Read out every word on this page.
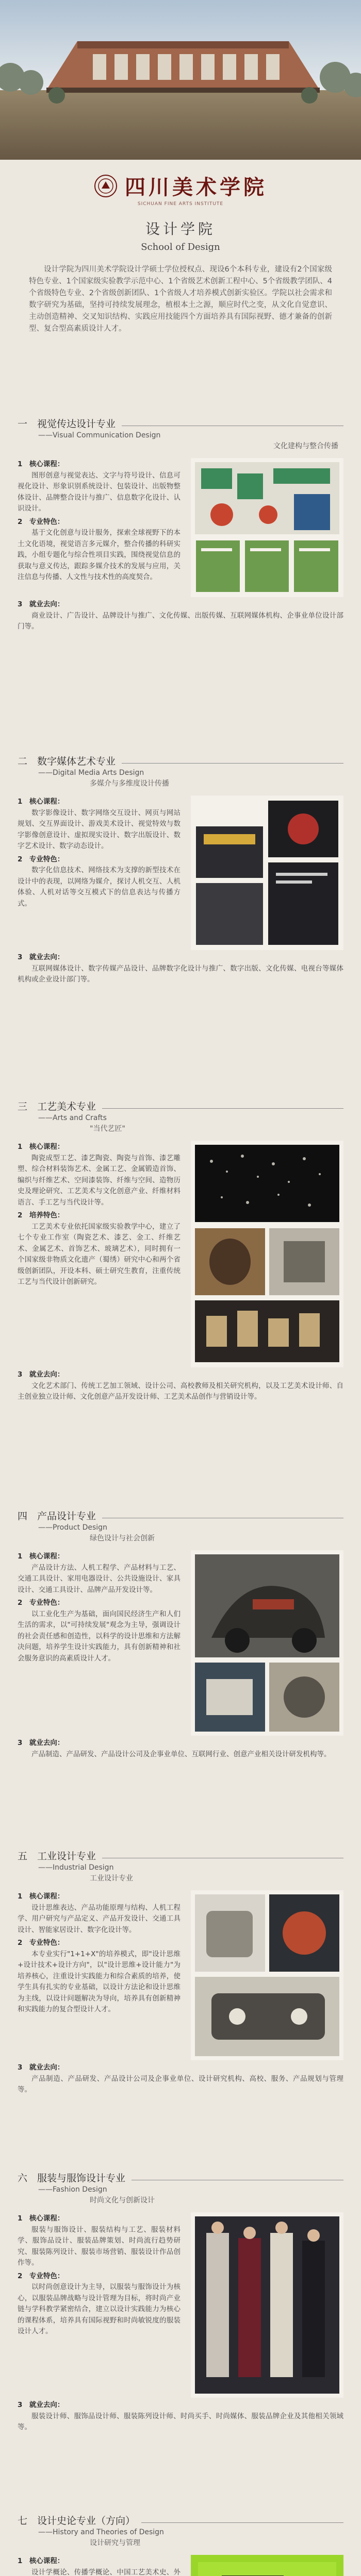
四川美术学院
SICHUAN FINE ARTS INSTITUTE
设计学院
School of Design

设计学院为四川美术学院设计学硕士学位授权点、现设6个本科专业，建设有2个国家级特色专业、1个国家级实验教学示范中心、1个省级艺术创新工程中心、5个省级教学团队、4个省级特色专业、2个省级创新团队、1个省级人才培养模式创新实验区。学院以社会需求和数字研究为基础，坚持可持续发展理念，植根本土之源，顺应时代之变，从文化自觉意识、主动创造精神、交叉知识结构、实践应用技能四个方面培养具有国际视野、德才兼备的创新型、复合型高素质设计人才。

一　视觉传达设计专业
——Visual Communication Design
文化建构与整合传播

1　核心课程：

图形创意与视觉表达、文字与符号设计、信息可视化设计、形象识别系统设计、包装设计、出版物整体设计、品牌整合设计与推广、信息数字化设计、认识设计。

2　专业特色：

基于文化创意与设计服务，探索全球视野下的本土文化语境，视觉语言多元媒介，整合传播的科研实践，小组专题化与综合性项目实践，围绕视觉信息的获取与意义传达，跟踪多媒介技术的发展与应用，关注信息与传播、人文性与技术性的高度契合。

3　就业去向：

商业设计、广告设计、品牌设计与推广、文化传媒、出版传媒、互联网媒体机构、企事业单位设计部门等。

二　数字媒体艺术专业
——Digital Media Arts Design
多媒介与多维度设计传播

1　核心课程：

数字影像设计、数字网络交互设计、网页与网站规划、交互界面设计、游戏美术设计、视觉特效与数字影像创意设计、虚拟现实设计、数字出版设计、数字艺术设计、数字动态设计。

2　专业特色：

数字化信息技术、网络技术为支撑的新型技术在设计中的表现，以网络为媒介，探讨人机交互、人机体验、人机对话等交互模式下的信息表达与传播方式。

3　就业去向：

互联网媒体设计、数字传媒产品设计、品牌数字化设计与推广、数字出版、文化传媒、电视台等媒体机构或企业设计部门等。

三　工艺美术专业
——Arts and Crafts
"当代艺匠"

1　核心课程：

陶瓷成型工艺、漆艺陶瓷、陶瓷与首饰、漆艺雕塑、综合材料装饰艺术、金属工艺、金属锻造首饰、编织与纤维艺术、空间漆装饰、纤维与空间、造物历史及理论研究、工艺美术与文化创意产业、纤维材料语言、手工艺与当代设计等。

2　培养特色：

工艺美术专业依托国家级实验教学中心，建立了七个专业工作室（陶瓷艺术、漆艺、金工、纤维艺术、金属艺术、首饰艺术、玻璃艺术），同时拥有一个国家级非物质文化遗产（蜀绣）研究中心和两个省级创新团队，开设本科、硕士研究生教育，注重传统工艺与当代设计创新研究。

3　就业去向：

文化艺术部门、传统工艺加工领域、设计公司、高校教师及相关研究机构，以及工艺美术设计师、自主创业独立设计师、文化创意产品开发设计师、工艺美术品创作与营销设计等。

四　产品设计专业
——Product Design
绿色设计与社会创新

1　核心课程：

产品设计方法、人机工程学、产品材料与工艺、交通工具设计、家用电器设计、公共设施设计、家具设计、交通工具设计、品牌产品开发设计等。

2　专业特色：

以工业化生产为基础，面向国民经济生产和人们生活的需求，以"可持续发展"观念为主导，强调设计的社会责任感和创造性，以科学的设计思维和方法解决问题，培养学生设计实践能力，具有创新精神和社会服务意识的高素质设计人才。

3　就业去向：

产品制造、产品研发、产品设计公司及企事业单位、互联网行业、创意产业相关设计研发机构等。

五　工业设计专业
——Industrial Design
工业设计专业

1　核心课程：

设计思维表达、产品功能原理与结构、人机工程学、用户研究与产品定义、产品开发设计、交通工具设计、智能家居设计、数字化设计等。

2　专业特色：

本专业实行"1+1+X"的培养模式，即"设计思维+设计技术+设计方向"，以"设计思维+设计能力"为培养核心，注重设计实践能力和综合素质的培养，使学生具有扎实的专业基础，以设计方法论和设计思维为主线，以设计问题解决为导向，培养具有创新精神和实践能力的复合型设计人才。

3　就业去向：

产品制造、产品研发、产品设计公司及企事业单位、设计研究机构、高校、服务、产品规划与管理等。

六　服装与服饰设计专业
——Fashion Design
时尚文化与创新设计

1　核心课程：

服装与服饰设计、服装结构与工艺、服装材料学、服饰品设计、服装品牌策划、时尚流行趋势研究、服装陈列设计、服装市场营销、服装设计作品创作等。

2　专业特色：

以时尚创意设计为主导，以服装与服饰设计为核心，以服装品牌战略与设计管理为目标，将时尚产业链与学科教学紧密结合，建立以设计实践能力为核心的课程体系，培养具有国际视野和时尚敏锐度的服装设计人才。

3　就业去向：

服装设计师、服饰品设计师、服装陈列设计师、时尚买手、时尚媒体、服装品牌企业及其他相关领域等。

七　设计史论专业（方向）
——History and Theories of Design
设计研究与管理

1　核心课程：

设计学概论、传播学概论、中国工艺美术史、外
